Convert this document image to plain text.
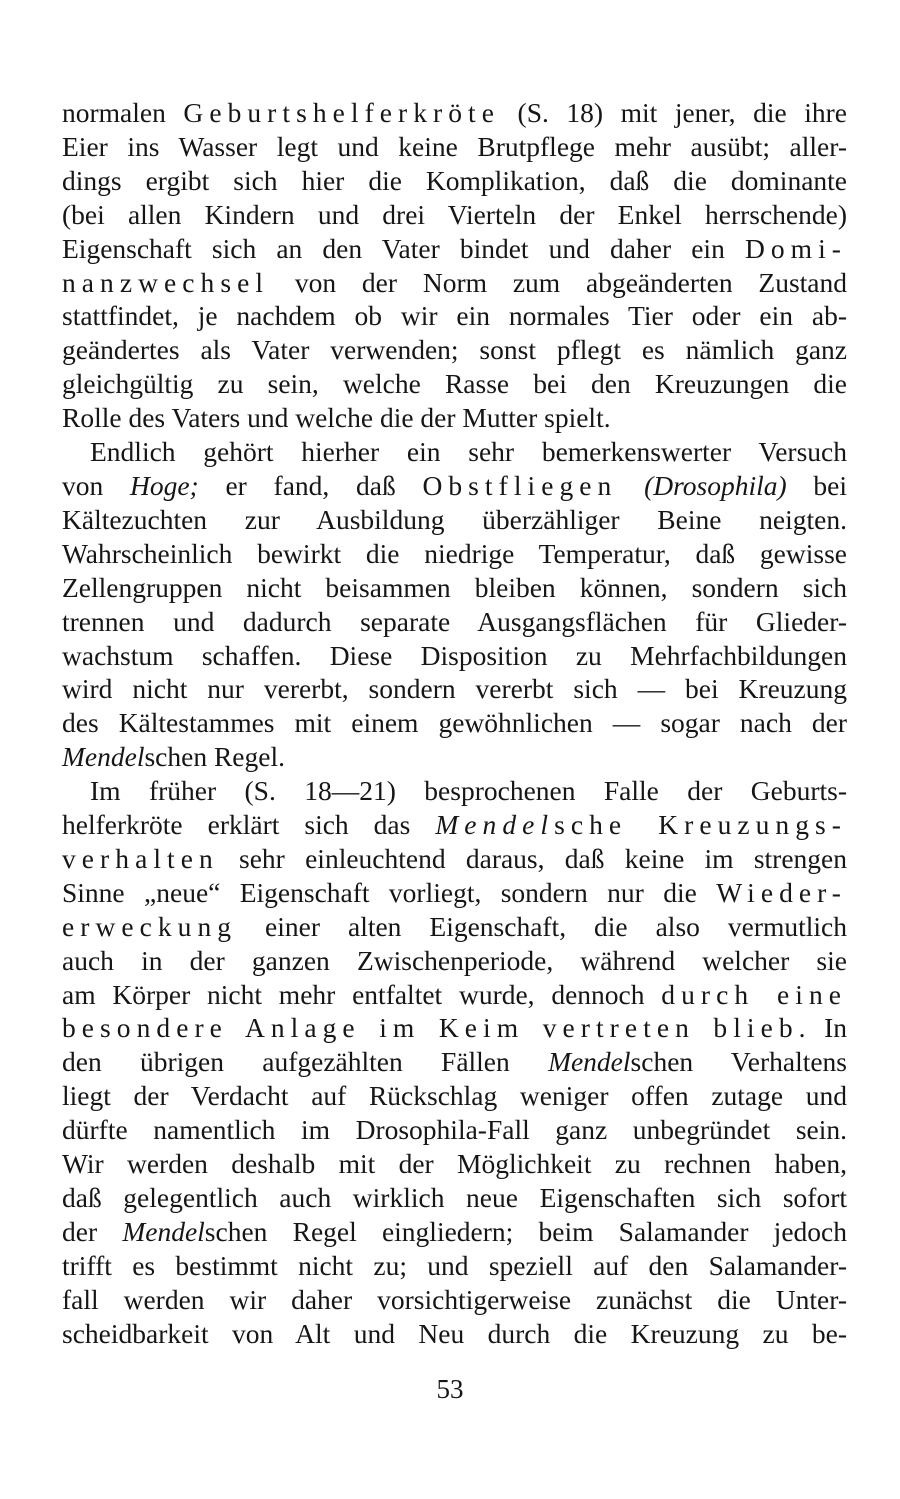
normalen Geburtshelferkröte (S. 18) mit jener, die ihre
Eier ins Wasser legt und keine Brutpflege mehr ausübt; aller-
dings ergibt sich hier die Komplikation, daß die dominante
(bei allen Kindern und drei Vierteln der Enkel herrschende)
Eigenschaft sich an den Vater bindet und daher ein Domi-
nanzwechsel von der Norm zum abgeänderten Zustand
stattfindet, je nachdem ob wir ein normales Tier oder ein ab-
geändertes als Vater verwenden; sonst pflegt es nämlich ganz
gleichgültig zu sein, welche Rasse bei den Kreuzungen die
Rolle des Vaters und welche die der Mutter spielt.
Endlich gehört hierher ein sehr bemerkenswerter Versuch
von Hoge; er fand, daß Obstfliegen (Drosophila) bei
Kältezuchten zur Ausbildung überzähliger Beine neigten.
Wahrscheinlich bewirkt die niedrige Temperatur, daß gewisse
Zellengruppen nicht beisammen bleiben können, sondern sich
trennen und dadurch separate Ausgangsflächen für Glieder-
wachstum schaffen. Diese Disposition zu Mehrfachbildungen
wird nicht nur vererbt, sondern vererbt sich — bei Kreuzung
des Kältestammes mit einem gewöhnlichen — sogar nach der
Mendelschen Regel.
Im früher (S. 18—21) besprochenen Falle der Geburts-
helferkröte erklärt sich das Mendelsche Kreuzungs-
verhalten sehr einleuchtend daraus, daß keine im strengen
Sinne „neue“ Eigenschaft vorliegt, sondern nur die Wieder-
erweckung einer alten Eigenschaft, die also vermutlich
auch in der ganzen Zwischenperiode, während welcher sie
am Körper nicht mehr entfaltet wurde, dennoch durch eine
besondere Anlage im Keim vertreten blieb. In
den übrigen aufgezählten Fällen Mendelschen Verhaltens
liegt der Verdacht auf Rückschlag weniger offen zutage und
dürfte namentlich im Drosophila-Fall ganz unbegründet sein.
Wir werden deshalb mit der Möglichkeit zu rechnen haben,
daß gelegentlich auch wirklich neue Eigenschaften sich sofort
der Mendelschen Regel eingliedern; beim Salamander jedoch
trifft es bestimmt nicht zu; und speziell auf den Salamander-
fall werden wir daher vorsichtigerweise zunächst die Unter-
scheidbarkeit von Alt und Neu durch die Kreuzung zu be-
53
